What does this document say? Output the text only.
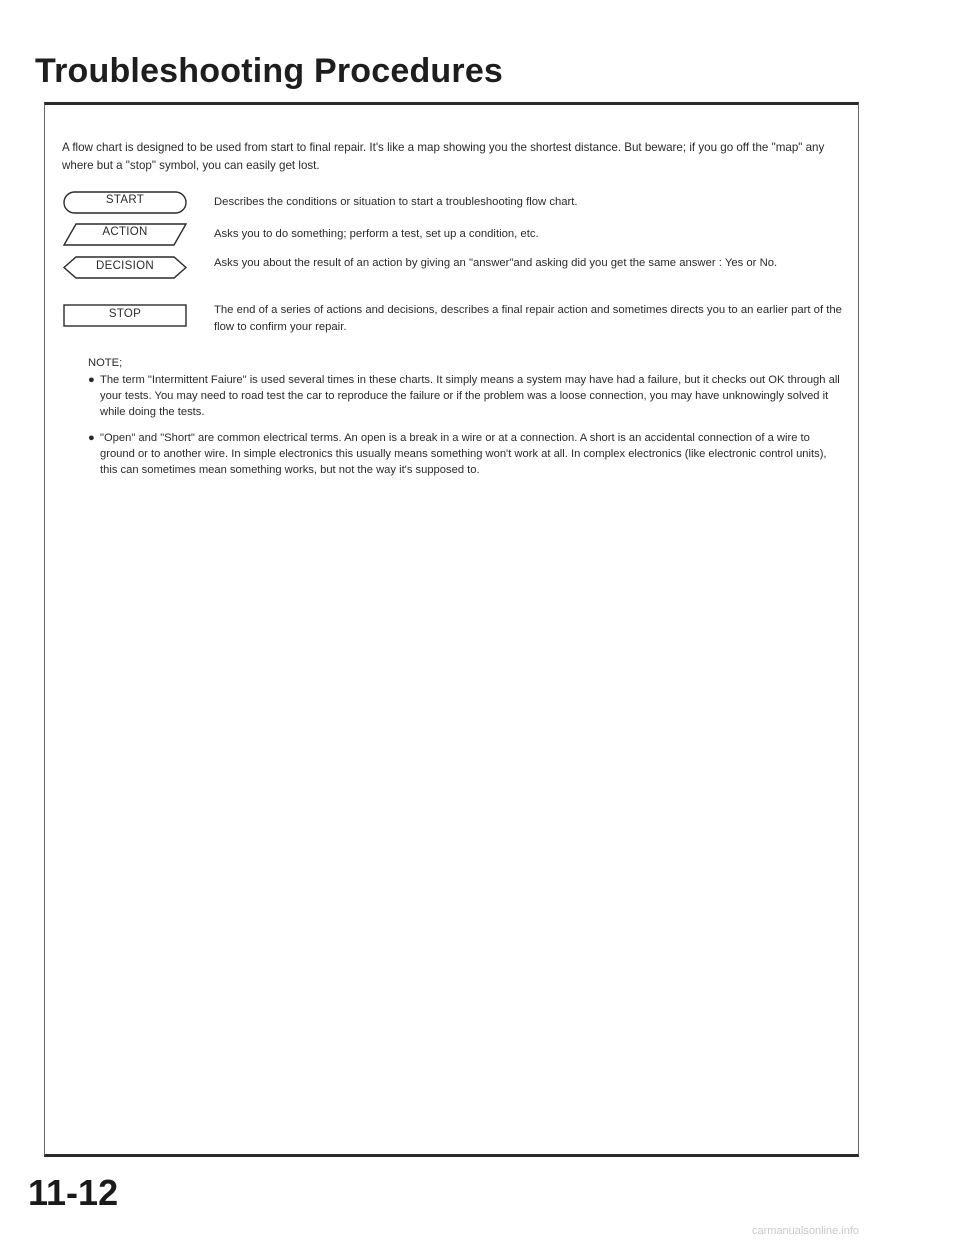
Troubleshooting Procedures

A flow chart is designed to be used from start to final repair. It's like a map showing you the shortest distance. But beware; if you go off the "map" any where but a "stop" symbol, you can easily get lost.

START	Describes the conditions or situation to start a troubleshooting flow chart.

ACTION	Asks you to do something; perform a test, set up a condition, etc.

DECISION	Asks you about the result of an action by giving an "answer"and asking did you get the same answer : Yes or No.

STOP	The end of a series of actions and decisions, describes a final repair action and sometimes directs you to an earlier part of the flow to confirm your repair.

NOTE;

● The term "Intermittent Faiure" is used several times in these charts. It simply means a system may have had a failure, but it checks out OK through all your tests. You may need to road test the car to reproduce the failure or if the problem was a loose connection, you may have unknowingly solved it while doing the tests.

● "Open" and "Short" are common electrical terms. An open is a break in a wire or at a connection. A short is an accidental connection of a wire to ground or to another wire. In simple electronics this usually means something won't work at all. In complex electronics (like electronic control units), this can sometimes mean something works, but not the way it's supposed to.

11-12

carmanualsonline.info
